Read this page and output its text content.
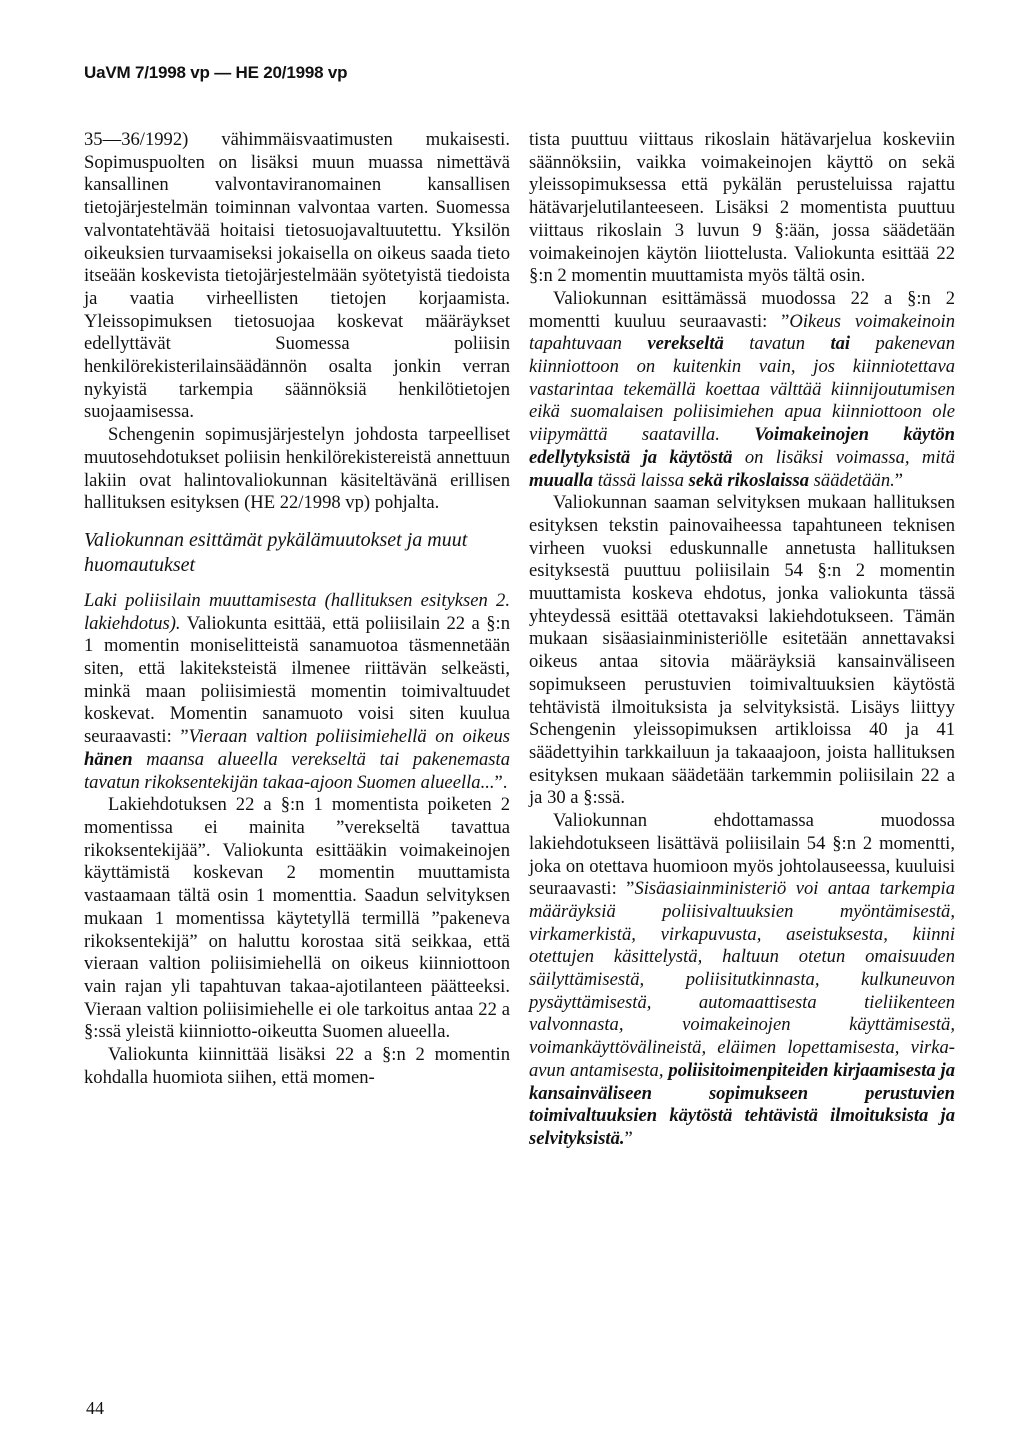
UaVM 7/1998 vp — HE 20/1998 vp

35—36/1992) vähimmäisvaatimusten mukaisesti. Sopimuspuolten on lisäksi muun muassa nimettävä kansallinen valvontaviranomainen kansallisen tietojärjestelmän toiminnan valvontaa varten. Suomessa valvontatehtävää hoitaisi tietosuojavaltuutettu. Yksilön oikeuksien turvaamiseksi jokaisella on oikeus saada tieto itseään koskevista tietojärjestelmään syötetyistä tiedoista ja vaatia virheellisten tietojen korjaamista. Yleissopimuksen tietosuojaa koskevat määräykset edellyttävät Suomessa poliisin henkilörekisterilainsäädännön osalta jonkin verran nykyistä tarkempia säännöksiä henkilötietojen suojaamisessa.

Schengenin sopimusjärjestelyn johdosta tarpeelliset muutosehdotukset poliisin henkilörekistereistä annettuun lakiin ovat halintovaliokunnan käsiteltävänä erillisen hallituksen esityksen (HE 22/1998 vp) pohjalta.

Valiokunnan esittämät pykälämuutokset ja muut huomautukset

Laki poliisilain muuttamisesta (hallituksen esityksen 2. lakiehdotus). Valiokunta esittää, että poliisilain 22 a §:n 1 momentin moniselitteistä sanamuotoa täsmennetään siten, että lakiteksteistä ilmenee riittävän selkeästi, minkä maan poliisimiestä momentin toimivaltuudet koskevat. Momentin sanamuoto voisi siten kuulua seuraavasti: ”Vieraan valtion poliisimiehellä on oikeus hänen maansa alueella verekseltä tai pakenemasta tavatun rikoksentekijän takaa-ajoon Suomen alueella...”.

Lakiehdotuksen 22 a §:n 1 momentista poiketen 2 momentissa ei mainita ”verekseltä tavattua rikoksentekijää”. Valiokunta esittääkin voimakeinojen käyttämistä koskevan 2 momentin muuttamista vastaamaan tältä osin 1 momenttia. Saadun selvityksen mukaan 1 momentissa käytetyllä termillä ”pakeneva rikoksentekijä” on haluttu korostaa sitä seikkaa, että vieraan valtion poliisimiehellä on oikeus kiinniottoon vain rajan yli tapahtuvan takaa-ajotilanteen päätteeksi. Vieraan valtion poliisimiehelle ei ole tarkoitus antaa 22 a §:ssä yleistä kiinniotto-oikeutta Suomen alueella.

Valiokunta kiinnittää lisäksi 22 a §:n 2 momentin kohdalla huomiota siihen, että momen-

tista puuttuu viittaus rikoslain hätävarjelua koskeviin säännöksiin, vaikka voimakeinojen käyttö on sekä yleissopimuksessa että pykälän perusteluissa rajattu hätävarjelutilanteeseen. Lisäksi 2 momentista puuttuu viittaus rikoslain 3 luvun 9 §:ään, jossa säädetään voimakeinojen käytön liiottelusta. Valiokunta esittää 22 §:n 2 momentin muuttamista myös tältä osin.

Valiokunnan esittämässä muodossa 22 a §:n 2 momentti kuuluu seuraavasti: ”Oikeus voimakeinoin tapahtuvaan verekseltä tavatun tai pakenevan kiinniottoon on kuitenkin vain, jos kiinniotettava vastarintaa tekemällä koettaa välttää kiinnijoutumisen eikä suomalaisen poliisimiehen apua kiinniottoon ole viipymättä saatavilla. Voimakeinojen käytön edellytyksistä ja käytöstä on lisäksi voimassa, mitä muualla tässä laissa sekä rikoslaissa säädetään.”

Valiokunnan saaman selvityksen mukaan hallituksen esityksen tekstin painovaiheessa tapahtuneen teknisen virheen vuoksi eduskunnalle annetusta hallituksen esityksestä puuttuu poliisilain 54 §:n 2 momentin muuttamista koskeva ehdotus, jonka valiokunta tässä yhteydessä esittää otettavaksi lakiehdotukseen. Tämän mukaan sisäasiainministeriölle esitetään annettavaksi oikeus antaa sitovia määräyksiä kansainväliseen sopimukseen perustuvien toimivaltuuksien käytöstä tehtävistä ilmoituksista ja selvityksistä. Lisäys liittyy Schengenin yleissopimuksen artikloissa 40 ja 41 säädettyihin tarkkailuun ja takaaajoon, joista hallituksen esityksen mukaan säädetään tarkemmin poliisilain 22 a ja 30 a §:ssä.

Valiokunnan ehdottamassa muodossa lakiehdotukseen lisättävä poliisilain 54 §:n 2 momentti, joka on otettava huomioon myös johtolauseessa, kuuluisi seuraavasti: ”Sisäasiainministeriö voi antaa tarkempia määräyksiä poliisivaltuuksien myöntämisestä, virkamerkistä, virkapuvusta, aseistuksesta, kiinni otettujen käsittelystä, haltuun otetun omaisuuden säilyttämisestä, poliisitutkinnasta, kulkuneuvon pysäyttämisestä, automaattisesta tieliikenteen valvonnasta, voimakeinojen käyttämisestä, voimankäyttövälineistä, eläimen lopettamisesta, virka-avun antamisesta, poliisitoimenpiteiden kirjaamisesta ja kansainväliseen sopimukseen perustuvien toimivaltuuksien käytöstä tehtävistä ilmoituksista ja selvityksistä.”

44
